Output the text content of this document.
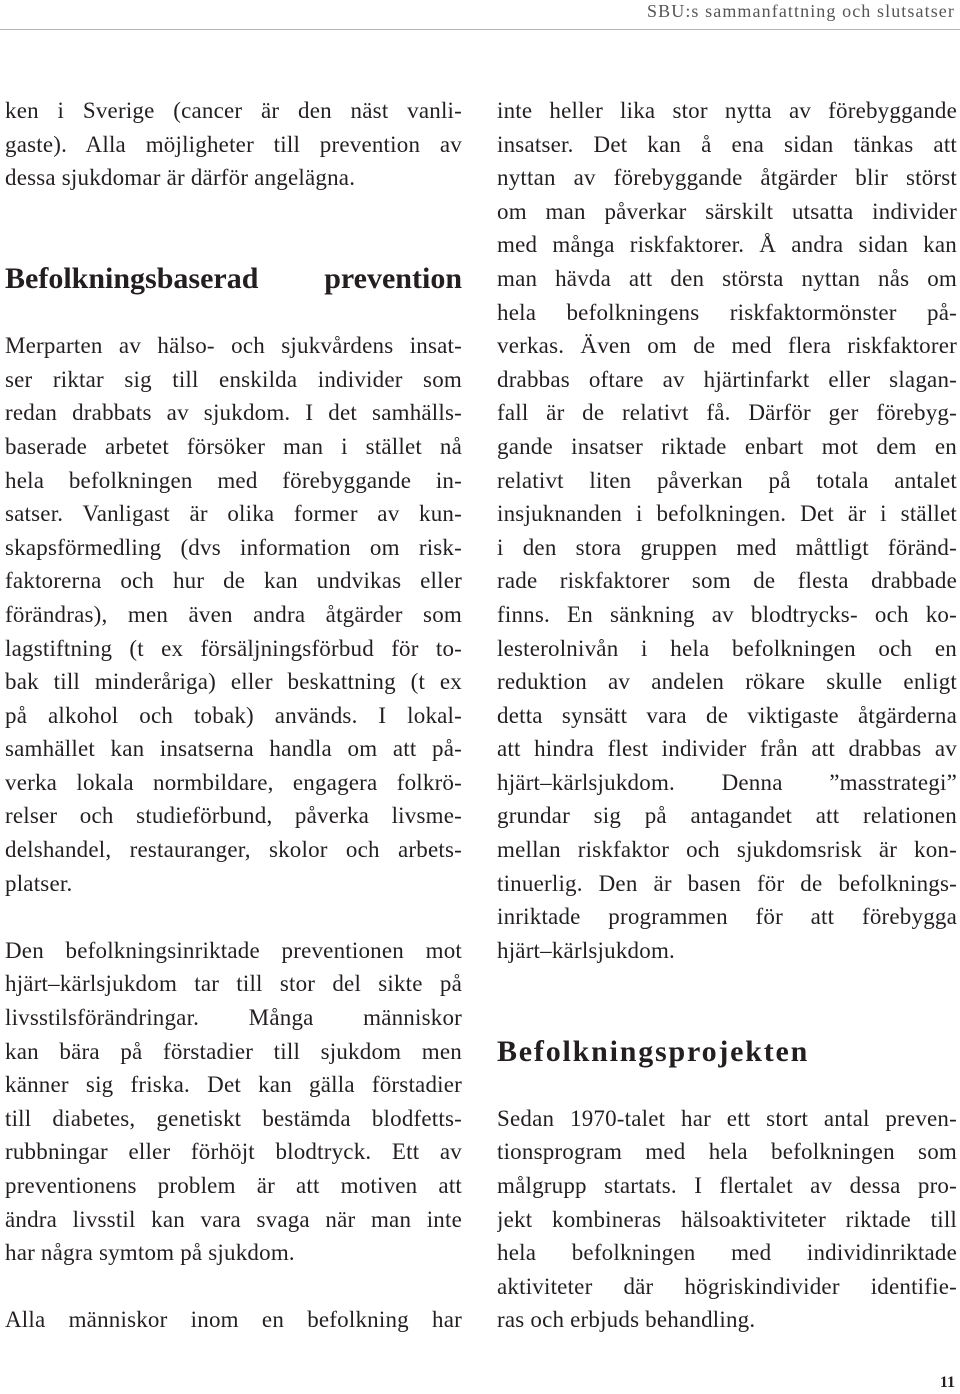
SBU:s sammanfattning och slutsatser
ken i Sverige (cancer är den näst vanli-
gaste). Alla möjligheter till prevention av
dessa sjukdomar är därför angelägna.
Befolkningsbaserad prevention
Merparten av hälso- och sjukvårdens insat-
ser riktar sig till enskilda individer som
redan drabbats av sjukdom. I det samhälls-
baserade arbetet försöker man i stället nå
hela befolkningen med förebyggande in-
satser. Vanligast är olika former av kun-
skapsförmedling (dvs information om risk-
faktorerna och hur de kan undvikas eller
förändras), men även andra åtgärder som
lagstiftning (t ex försäljningsförbud för to-
bak till minderåriga) eller beskattning (t ex
på alkohol och tobak) används. I lokal-
samhället kan insatserna handla om att på-
verka lokala normbildare, engagera folkrö-
relser och studieförbund, påverka livsme-
delshandel, restauranger, skolor och arbets-
platser.
Den befolkningsinriktade preventionen mot
hjärt–kärlsjukdom tar till stor del sikte på
livsstilsförändringar. Många människor
kan bära på förstadier till sjukdom men
känner sig friska. Det kan gälla förstadier
till diabetes, genetiskt bestämda blodfetts-
rubbningar eller förhöjt blodtryck. Ett av
preventionens problem är att motiven att
ändra livsstil kan vara svaga när man inte
har några symtom på sjukdom.
Alla människor inom en befolkning har
inte heller lika stor nytta av förebyggande
insatser. Det kan å ena sidan tänkas att
nyttan av förebyggande åtgärder blir störst
om man påverkar särskilt utsatta individer
med många riskfaktorer. Å andra sidan kan
man hävda att den största nyttan nås om
hela befolkningens riskfaktormönster på-
verkas. Även om de med flera riskfaktorer
drabbas oftare av hjärtinfarkt eller slagan-
fall är de relativt få. Därför ger förebyg-
gande insatser riktade enbart mot dem en
relativt liten påverkan på totala antalet
insjuknanden i befolkningen. Det är i stället
i den stora gruppen med måttligt föränd-
rade riskfaktorer som de flesta drabbade
finns. En sänkning av blodtrycks- och ko-
lesterolnivån i hela befolkningen och en
reduktion av andelen rökare skulle enligt
detta synsätt vara de viktigaste åtgärderna
att hindra flest individer från att drabbas av
hjärt–kärlsjukdom. Denna ”masstrategi”
grundar sig på antagandet att relationen
mellan riskfaktor och sjukdomsrisk är kon-
tinuerlig. Den är basen för de befolknings-
inriktade programmen för att förebygga
hjärt–kärlsjukdom.
Befolkningsprojekten
Sedan 1970-talet har ett stort antal preven-
tionsprogram med hela befolkningen som
målgrupp startats. I flertalet av dessa pro-
jekt kombineras hälsoaktiviteter riktade till
hela befolkningen med individinriktade
aktiviteter där högriskindivider identifie-
ras och erbjuds behandling.
11
